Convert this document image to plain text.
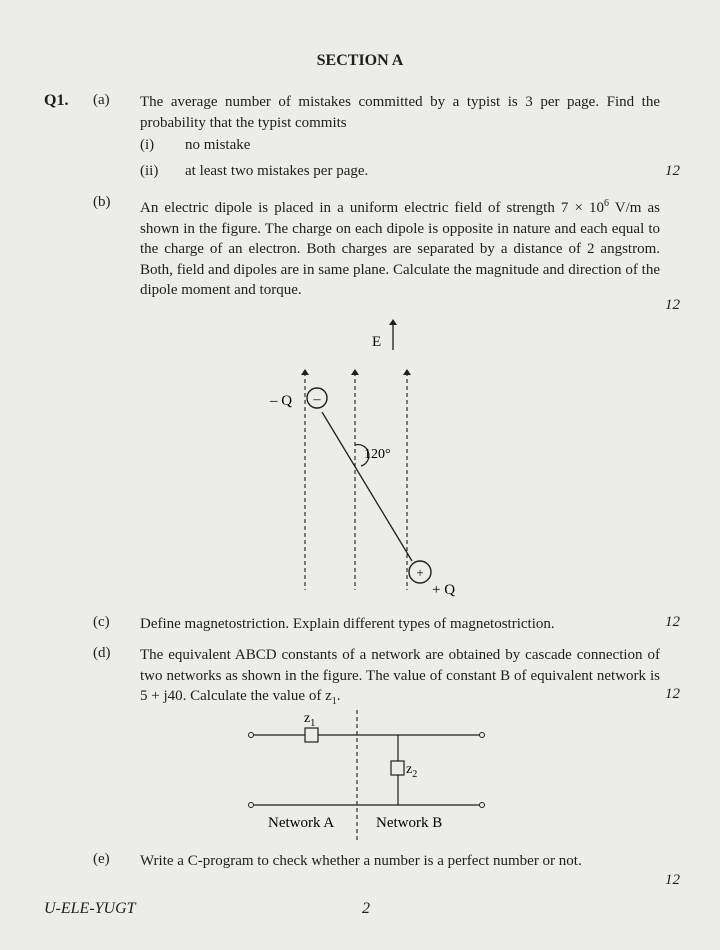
SECTION A
Q1. (a) The average number of mistakes committed by a typist is 3 per page. Find the probability that the typist commits
(i) no mistake
(ii) at least two mistakes per page.	12
(b) An electric dipole is placed in a uniform electric field of strength $7 \times 10^6$ V/m as shown in the figure. The charge on each dipole is opposite in nature and each equal to the charge of an electron. Both charges are separated by a distance of 2 angstrom. Both, field and dipoles are in same plane. Calculate the magnitude and direction of the dipole moment and torque.
12
E
120°
–
– Q
+
+ Q
(c) Define magnetostriction. Explain different types of magnetostriction.	12
(d) The equivalent ABCD constants of a network are obtained by cascade connection of two networks as shown in the figure. The value of constant B of equivalent network is 5 + j40. Calculate the value of $z_1$.	12
$z_1$
$z_2$
Network A	Network B
(e) Write a C-program to check whether a number is a perfect number or not.
12
U-ELE-YUGT	2
